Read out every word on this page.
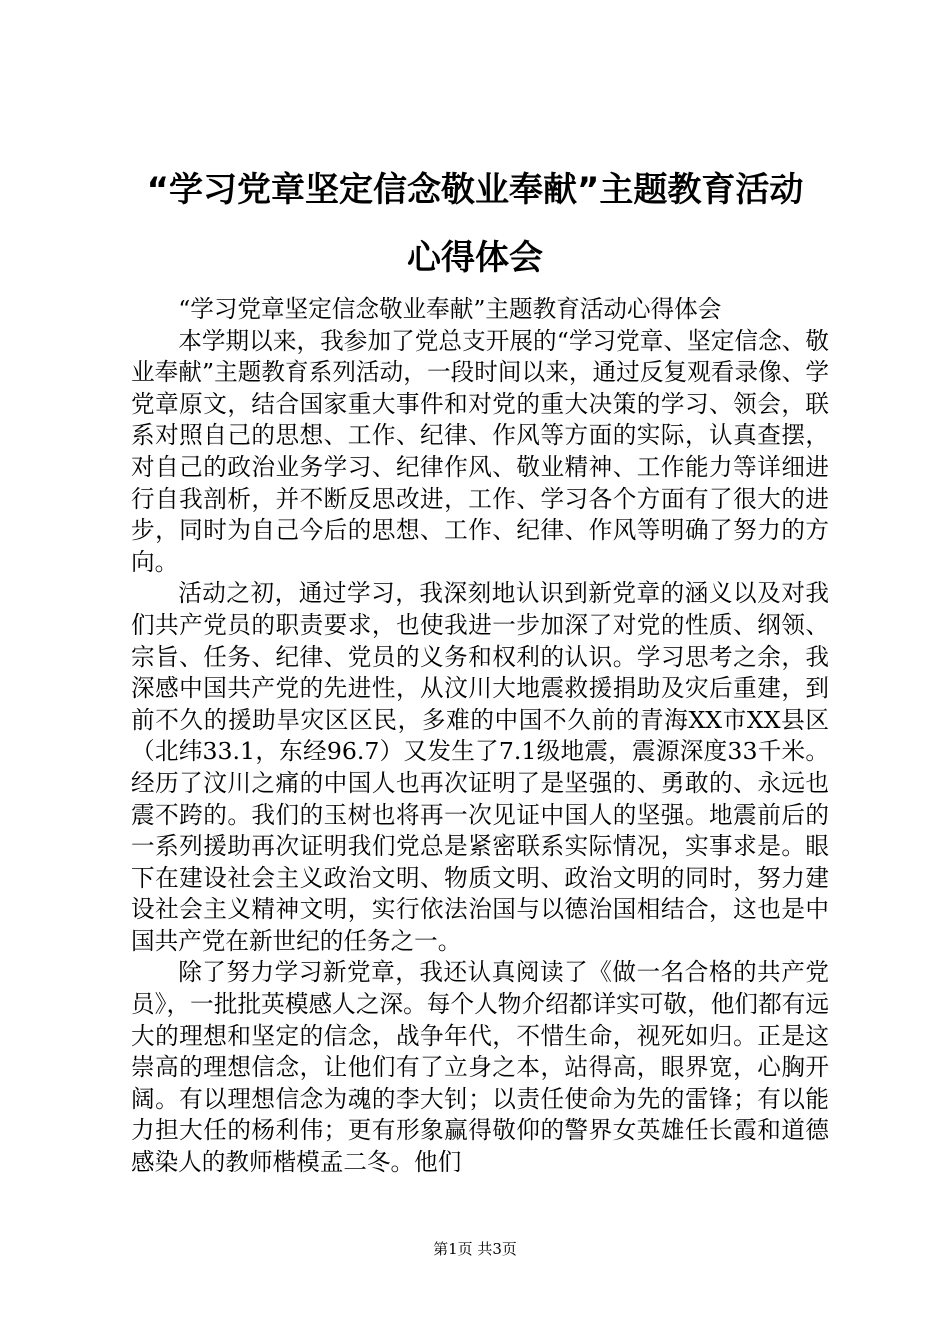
“学习党章坚定信念敬业奉献”主题教育活动
心得体会

“学习党章坚定信念敬业奉献”主题教育活动心得体会

本学期以来，我参加了党总支开展的“学习党章、坚定信念、敬业奉献”主题教育系列活动，一段时间以来，通过反复观看录像、学党章原文，结合国家重大事件和对党的重大决策的学习、领会，联系对照自己的思想、工作、纪律、作风等方面的实际，认真查摆，对自己的政治业务学习、纪律作风、敬业精神、工作能力等详细进行自我剖析，并不断反思改进，工作、学习各个方面有了很大的进步，同时为自己今后的思想、工作、纪律、作风等明确了努力的方向。

活动之初，通过学习，我深刻地认识到新党章的涵义以及对我们共产党员的职责要求，也使我进一步加深了对党的性质、纲领、宗旨、任务、纪律、党员的义务和权利的认识。学习思考之余，我深感中国共产党的先进性，从汶川大地震救援捐助及灾后重建，到前不久的援助旱灾区区民，多难的中国不久前的青海XX市XX县区（北纬33.1，东经96.7）又发生了7.1级地震，震源深度33千米。经历了汶川之痛的中国人也再次证明了是坚强的、勇敢的、永远也震不跨的。我们的玉树也将再一次见证中国人的坚强。地震前后的一系列援助再次证明我们党总是紧密联系实际情况，实事求是。眼下在建设社会主义政治文明、物质文明、政治文明的同时，努力建设社会主义精神文明，实行依法治国与以德治国相结合，这也是中国共产党在新世纪的任务之一。

除了努力学习新党章，我还认真阅读了《做一名合格的共产党员》，一批批英模感人之深。每个人物介绍都详实可敬，他们都有远大的理想和坚定的信念，战争年代，不惜生命，视死如归。正是这崇高的理想信念，让他们有了立身之本，站得高，眼界宽，心胸开阔。有以理想信念为魂的李大钊；以责任使命为先的雷锋；有以能力担大任的杨利伟；更有形象赢得敬仰的警界女英雄任长霞和道德感染人的教师楷模孟二冬。他们

第1页 共3页
